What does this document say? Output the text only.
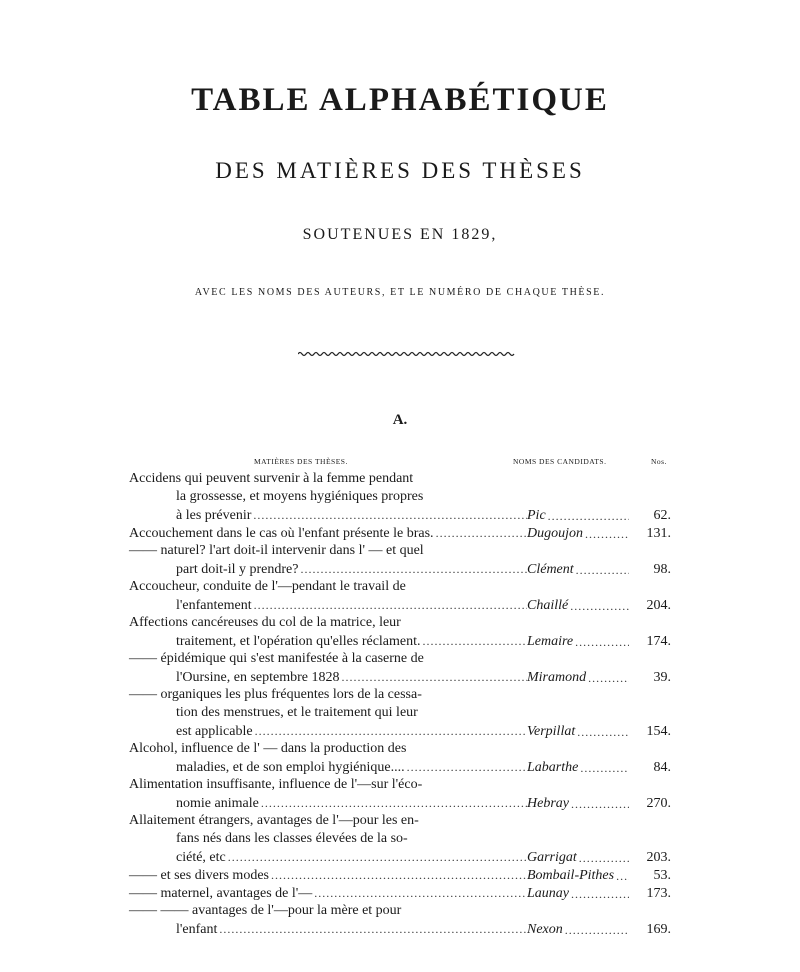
TABLE ALPHABÉTIQUE
DES MATIÈRES DES THÈSES
SOUTENUES EN 1829,
AVEC LES NOMS DES AUTEURS, ET LE NUMÉRO DE CHAQUE THÈSE.
A.
MATIÈRES DES THÈSES.	NOMS DES CANDIDATS.	Nos.
Accidens qui peuvent survenir à la femme pendant
la grossesse, et moyens hygiéniques propres
à les prévenir .....	Pic .....	62.
Accouchement dans le cas où l'enfant présente le bras. .....	Dugoujon .....	131.
—— naturel? l'art doit-il intervenir dans l' — et quel
part doit-il y prendre? .....	Clément .....	98.
Accoucheur, conduite de l'—pendant le travail de
l'enfantement .....	Chaillé .....	204.
Affections cancéreuses du col de la matrice, leur
traitement, et l'opération qu'elles réclament. .....	Lemaire .....	174.
—— épidémique qui s'est manifestée à la caserne de
l'Oursine, en septembre 1828 .....	Miramond .....	39.
—— organiques les plus fréquentes lors de la cessa-
tion des menstrues, et le traitement qui leur
est applicable .....	Verpillat .....	154.
Alcohol, influence de l' — dans la production des
maladies, et de son emploi hygiénique.... .....	Labarthe .....	84.
Alimentation insuffisante, influence de l'—sur l'éco-
nomie animale .....	Hebray .....	270.
Allaitement étrangers, avantages de l'—pour les en-
fans nés dans les classes élevées de la so-
ciété, etc .....	Garrigat .....	203.
—— et ses divers modes .....	Bombail-Pithes .....	53.
—— maternel, avantages de l'— .....	Launay .....	173.
—— —— avantages de l'—pour la mère et pour
l'enfant .....	Nexon .....	169.
